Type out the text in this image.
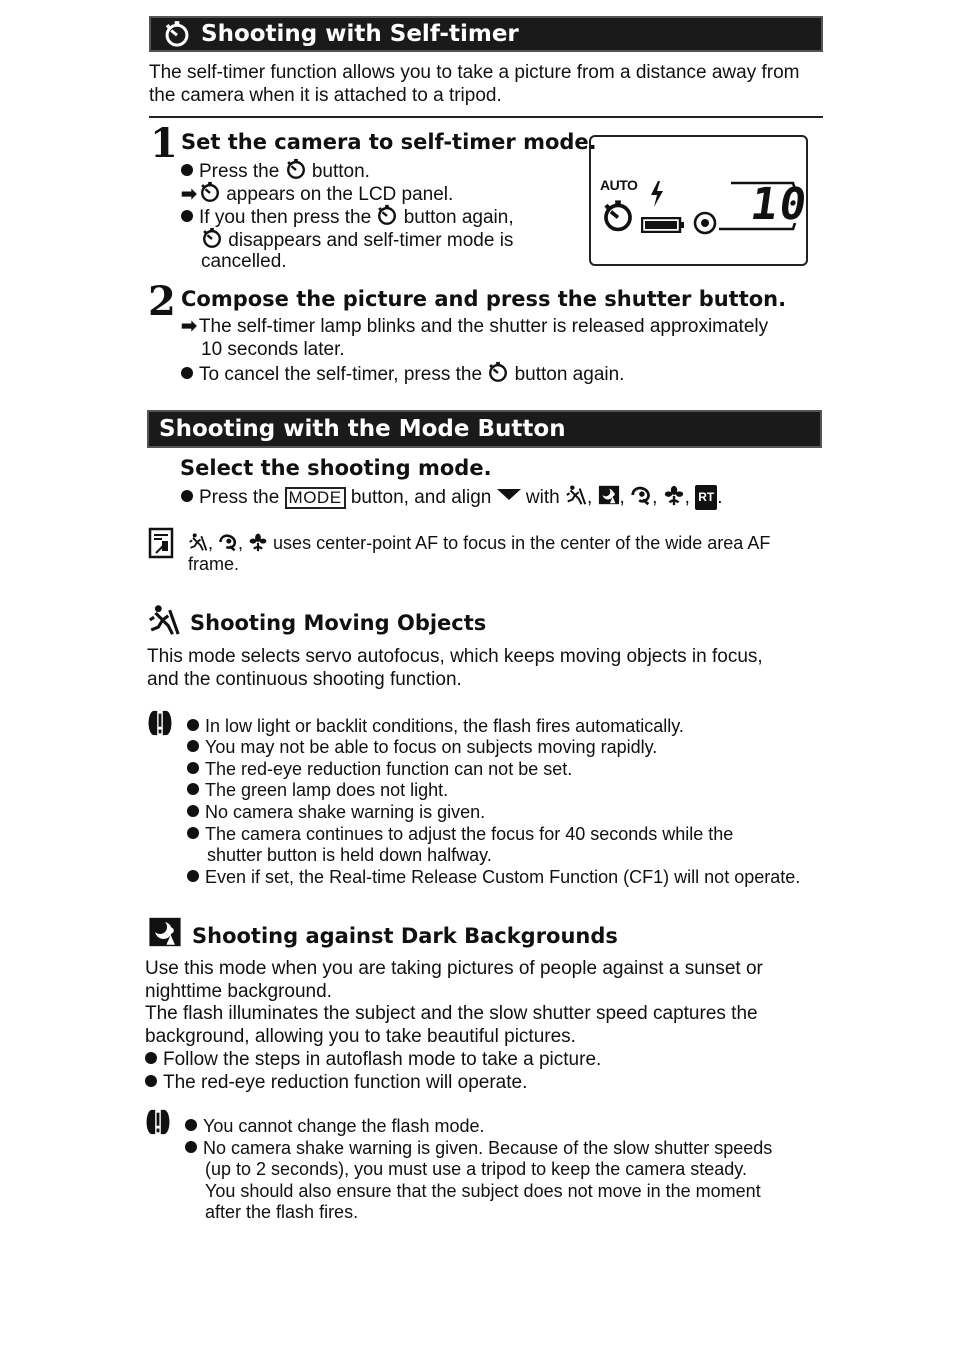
Shooting with Self-timer
The self-timer function allows you to take a picture from a distance away from the camera when it is attached to a tripod.
1 Set the camera to self-timer mode.
Press the button.
➡ appears on the LCD panel.
If you then press the button again,
disappears and self-timer mode is
cancelled.
AUTO	10
2 Compose the picture and press the shutter button.
➡ The self-timer lamp blinks and the shutter is released approximately
10 seconds later.
To cancel the self-timer, press the button again.
Shooting with the Mode Button
Select the shooting mode.
Press the MODE button, and align with , , , , RT .
, ,  uses center-point AF to focus in the center of the wide area AF
frame.
Shooting Moving Objects
This mode selects servo autofocus, which keeps moving objects in focus,
and the continuous shooting function.
In low light or backlit conditions, the flash fires automatically.
You may not be able to focus on subjects moving rapidly.
The red-eye reduction function can not be set.
The green lamp does not light.
No camera shake warning is given.
The camera continues to adjust the focus for 40 seconds while the
shutter button is held down halfway.
Even if set, the Real-time Release Custom Function (CF1) will not operate.
Shooting against Dark Backgrounds
Use this mode when you are taking pictures of people against a sunset or
nighttime background.
The flash illuminates the subject and the slow shutter speed captures the
background, allowing you to take beautiful pictures.
Follow the steps in autoflash mode to take a picture.
The red-eye reduction function will operate.
You cannot change the flash mode.
No camera shake warning is given. Because of the slow shutter speeds
(up to 2 seconds), you must use a tripod to keep the camera steady.
You should also ensure that the subject does not move in the moment
after the flash fires.
